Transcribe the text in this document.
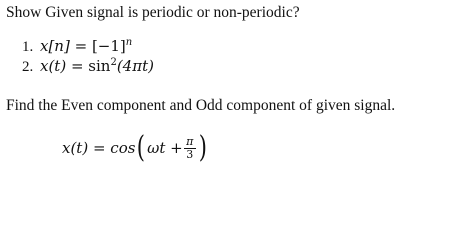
Show Given signal is periodic or non-periodic?
1. $x[n] = [-1]^n$
2. $x(t) = \sin^2(4\pi t)$
Find the Even component and Odd component of given signal.
x(t) = cos ( $\omega t + \frac{\pi}{3}$ )
